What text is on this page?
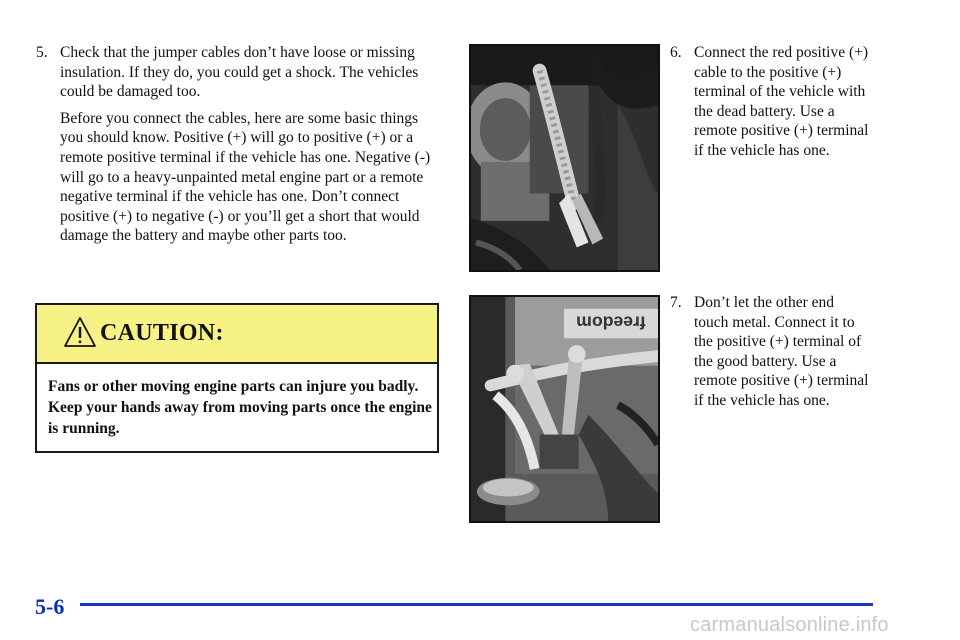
5. Check that the jumper cables don’t have loose or missing insulation. If they do, you could get a shock. The vehicles could be damaged too.

Before you connect the cables, here are some basic things you should know. Positive (+) will go to positive (+) or a remote positive terminal if the vehicle has one. Negative (-) will go to a heavy-unpainted metal engine part or a remote negative terminal if the vehicle has one. Don’t connect positive (+) to negative (-) or you’ll get a short that would damage the battery and maybe other parts too.

CAUTION:
Fans or other moving engine parts can injure you badly. Keep your hands away from moving parts once the engine is running.
6. Connect the red positive (+) cable to the positive (+) terminal of the vehicle with the dead battery. Use a remote positive (+) terminal if the vehicle has one.

freedom
7. Don’t let the other end touch metal. Connect it to the positive (+) terminal of the good battery. Use a remote positive (+) terminal if the vehicle has one.

5-6
carmanualsonline.info
